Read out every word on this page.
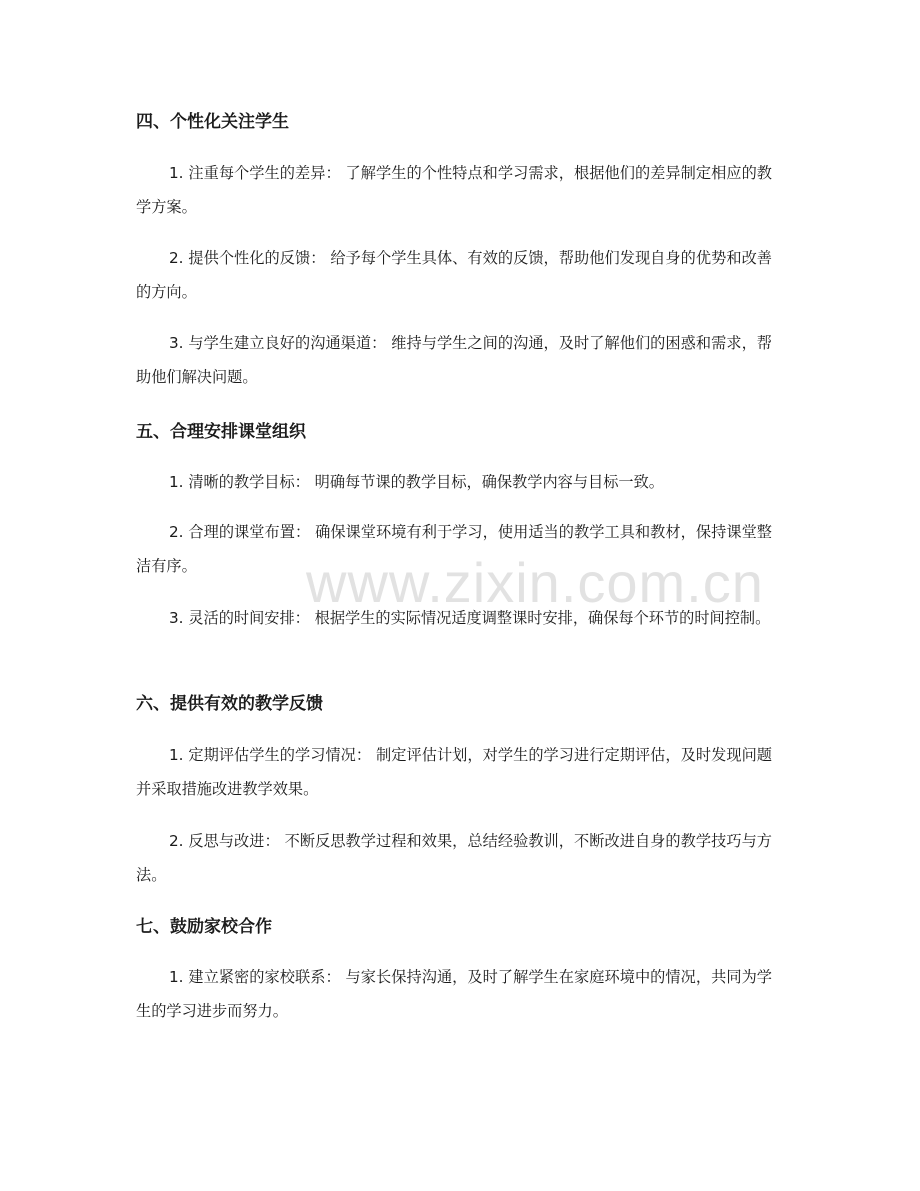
四、个性化关注学生
1. 注重每个学生的差异： 了解学生的个性特点和学习需求，根据他们的差异制定相应的教学方案。
2. 提供个性化的反馈： 给予每个学生具体、有效的反馈，帮助他们发现自身的优势和改善的方向。
3. 与学生建立良好的沟通渠道： 维持与学生之间的沟通，及时了解他们的困惑和需求，帮助他们解决问题。
五、合理安排课堂组织
1. 清晰的教学目标： 明确每节课的教学目标，确保教学内容与目标一致。
2. 合理的课堂布置： 确保课堂环境有利于学习，使用适当的教学工具和教材，保持课堂整洁有序。
3. 灵活的时间安排： 根据学生的实际情况适度调整课时安排，确保每个环节的时间控制。
六、提供有效的教学反馈
1. 定期评估学生的学习情况： 制定评估计划，对学生的学习进行定期评估，及时发现问题并采取措施改进教学效果。
2. 反思与改进： 不断反思教学过程和效果，总结经验教训，不断改进自身的教学技巧与方法。
七、鼓励家校合作
1. 建立紧密的家校联系： 与家长保持沟通，及时了解学生在家庭环境中的情况，共同为学生的学习进步而努力。
www.zixin.com.cn
